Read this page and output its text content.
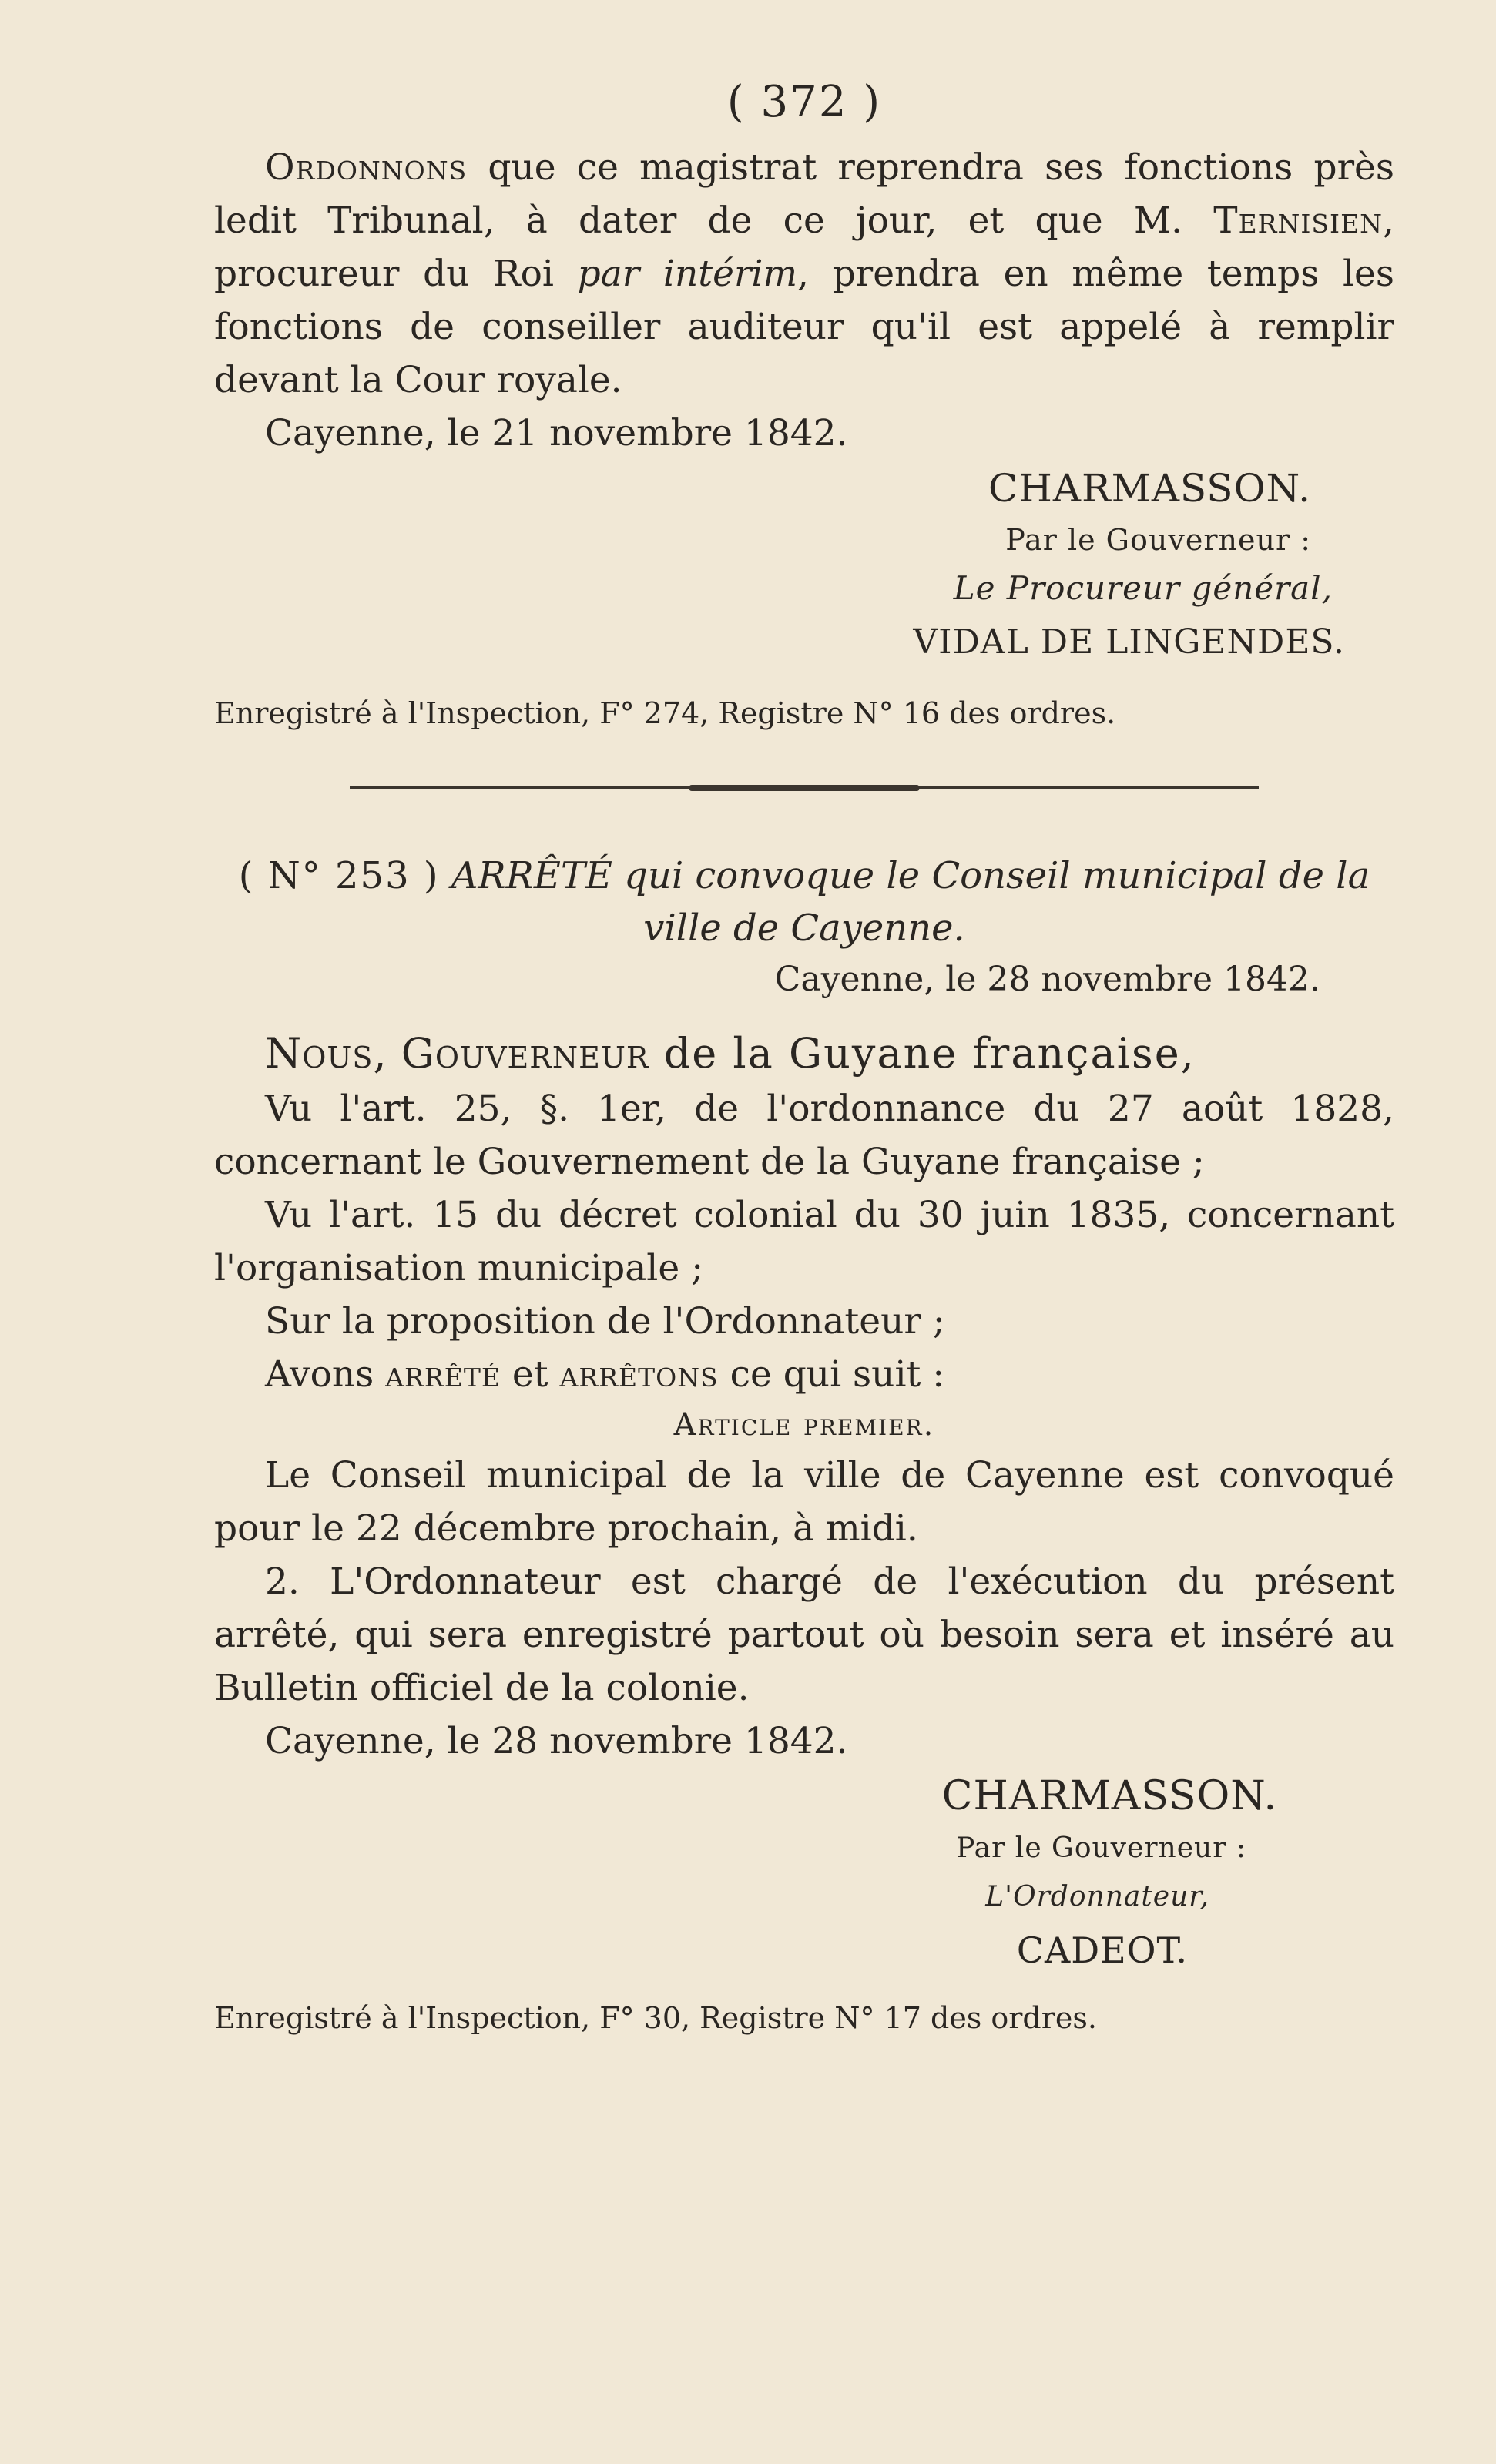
( 372 )

Ordonnons que ce magistrat reprendra ses fonctions près ledit Tribunal, à dater de ce jour, et que M. Ternisien, procureur du Roi par intérim, prendra en même temps les fonctions de conseiller auditeur qu'il est appelé à remplir devant la Cour royale.

Cayenne, le 21 novembre 1842.

CHARMASSON.
Par le Gouverneur :
Le Procureur général,
VIDAL DE LINGENDES.

Enregistré à l'Inspection, F° 274, Registre N° 16 des ordres.

( N° 253 ) ARRÊTÉ qui convoque le Conseil municipal de la ville de Cayenne.
Cayenne, le 28 novembre 1842.

Nous, Gouverneur de la Guyane française,

Vu l'art. 25, §. 1er, de l'ordonnance du 27 août 1828, concernant le Gouvernement de la Guyane française ;

Vu l'art. 15 du décret colonial du 30 juin 1835, concernant l'organisation municipale ;

Sur la proposition de l'Ordonnateur ;

Avons arrêté et arrêtons ce qui suit :

Article premier.

Le Conseil municipal de la ville de Cayenne est convoqué pour le 22 décembre prochain, à midi.

2. L'Ordonnateur est chargé de l'exécution du présent arrêté, qui sera enregistré partout où besoin sera et inséré au Bulletin officiel de la colonie.

Cayenne, le 28 novembre 1842.

CHARMASSON.
Par le Gouverneur :
L'Ordonnateur,
CADEOT.

Enregistré à l'Inspection, F° 30, Registre N° 17 des ordres.
